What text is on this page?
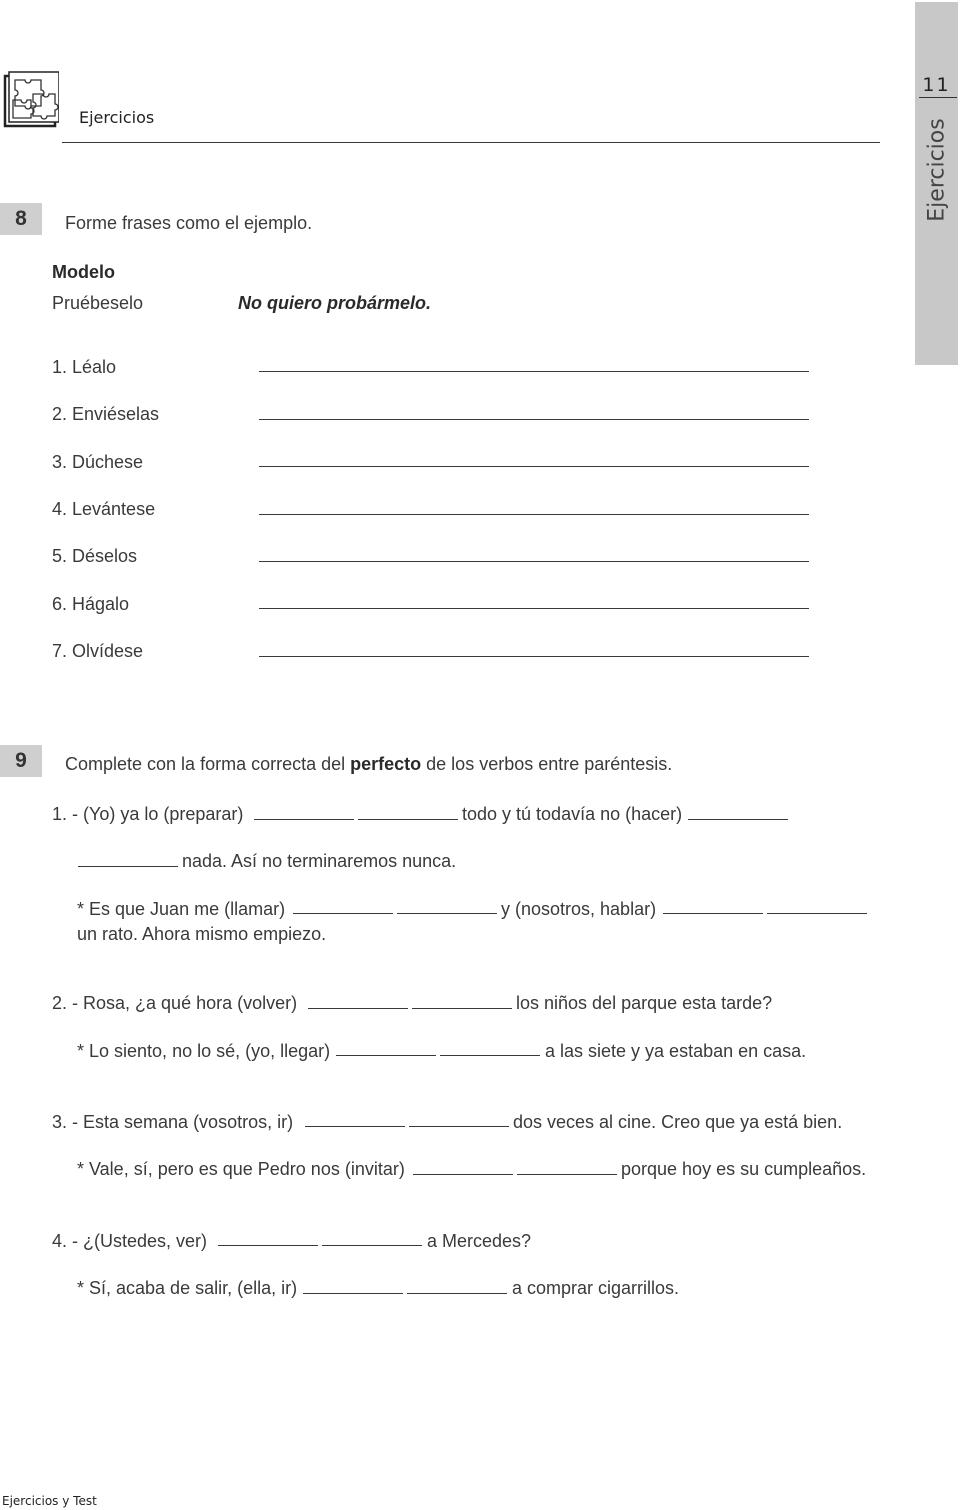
Ejercicios
11
Ejercicios
8	Forme frases como el ejemplo.
Modelo
Pruébeselo	No quiero probármelo.
1. Léalo
2. Enviéselas
3. Dúchese
4. Levántese
5. Déselos
6. Hágalo
7. Olvídese
9	Complete con la forma correcta del perfecto de los verbos entre paréntesis.
1. - (Yo) ya lo (preparar)	todo y tú todavía no (hacer)
nada. Así no terminaremos nunca.
* Es que Juan me (llamar)	y (nosotros, hablar)
un rato. Ahora mismo empiezo.
2. - Rosa, ¿a qué hora (volver)	los niños del parque esta tarde?
* Lo siento, no lo sé, (yo, llegar)	a las siete y ya estaban en casa.
3. - Esta semana (vosotros, ir)	dos veces al cine. Creo que ya está bien.
* Vale, sí, pero es que Pedro nos (invitar)	porque hoy es su cumpleaños.
4. - ¿(Ustedes, ver)	a Mercedes?
* Sí, acaba de salir, (ella, ir)	a comprar cigarrillos.
Ejercicios y Test
